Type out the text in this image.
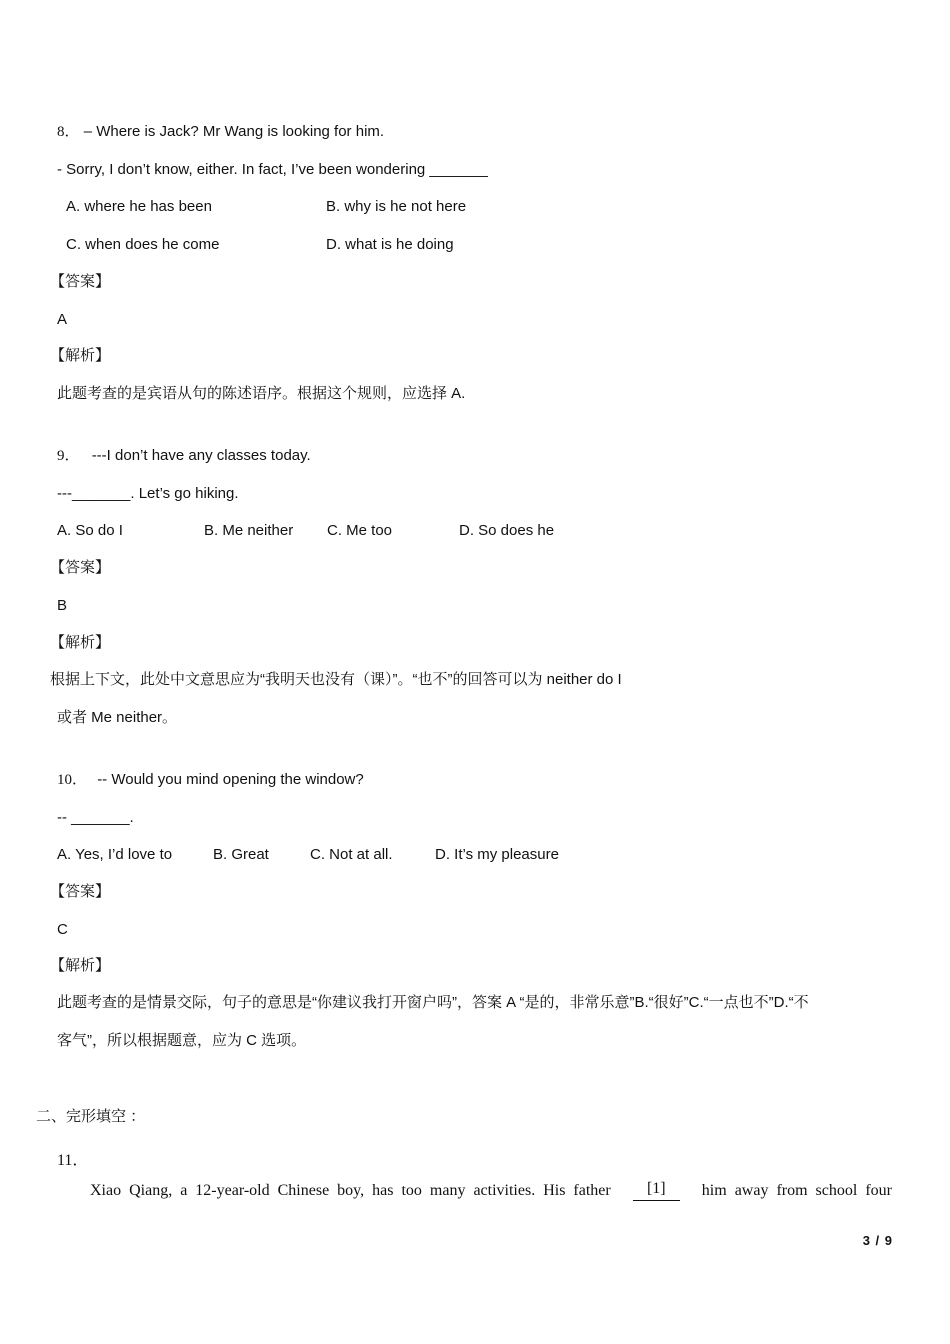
8． – Where is Jack? Mr Wang is looking for him.
- Sorry, I don’t know, either. In fact, I’ve been wondering _______
A. where he has been	B. why is he not here
C. when does he come	D. what is he doing
【答案】
A
【解析】
此题考查的是宾语从句的陈述语序。根据这个规则，应选择 A.
9． ---I don’t have any classes today.
---_______. Let’s go hiking.
A. So do I	B. Me neither C. Me too	D. So does he
【答案】
B
【解析】
根据上下文，此处中文意思应为“我明天也没有（课）”。“也不”的回答可以为 neither do I
或者 Me neither。
10． -- Would you mind opening the window?
-- _______.
A. Yes, I’d love to	B. Great	C. Not at all.	D. It’s my pleasure
【答案】
C
【解析】
此题考查的是情景交际，句子的意思是“你建议我打开窗户吗”，答案 A “是的，非常乐意”B.“很好”C.“一点也不”D.“不
客气”，所以根据题意，应为 C 选项。
二、完形填空 ：
11．
Xiao Qiang, a 12-year-old Chinese boy, has too many activities. His father	[1]	him away from school four
3 / 9
